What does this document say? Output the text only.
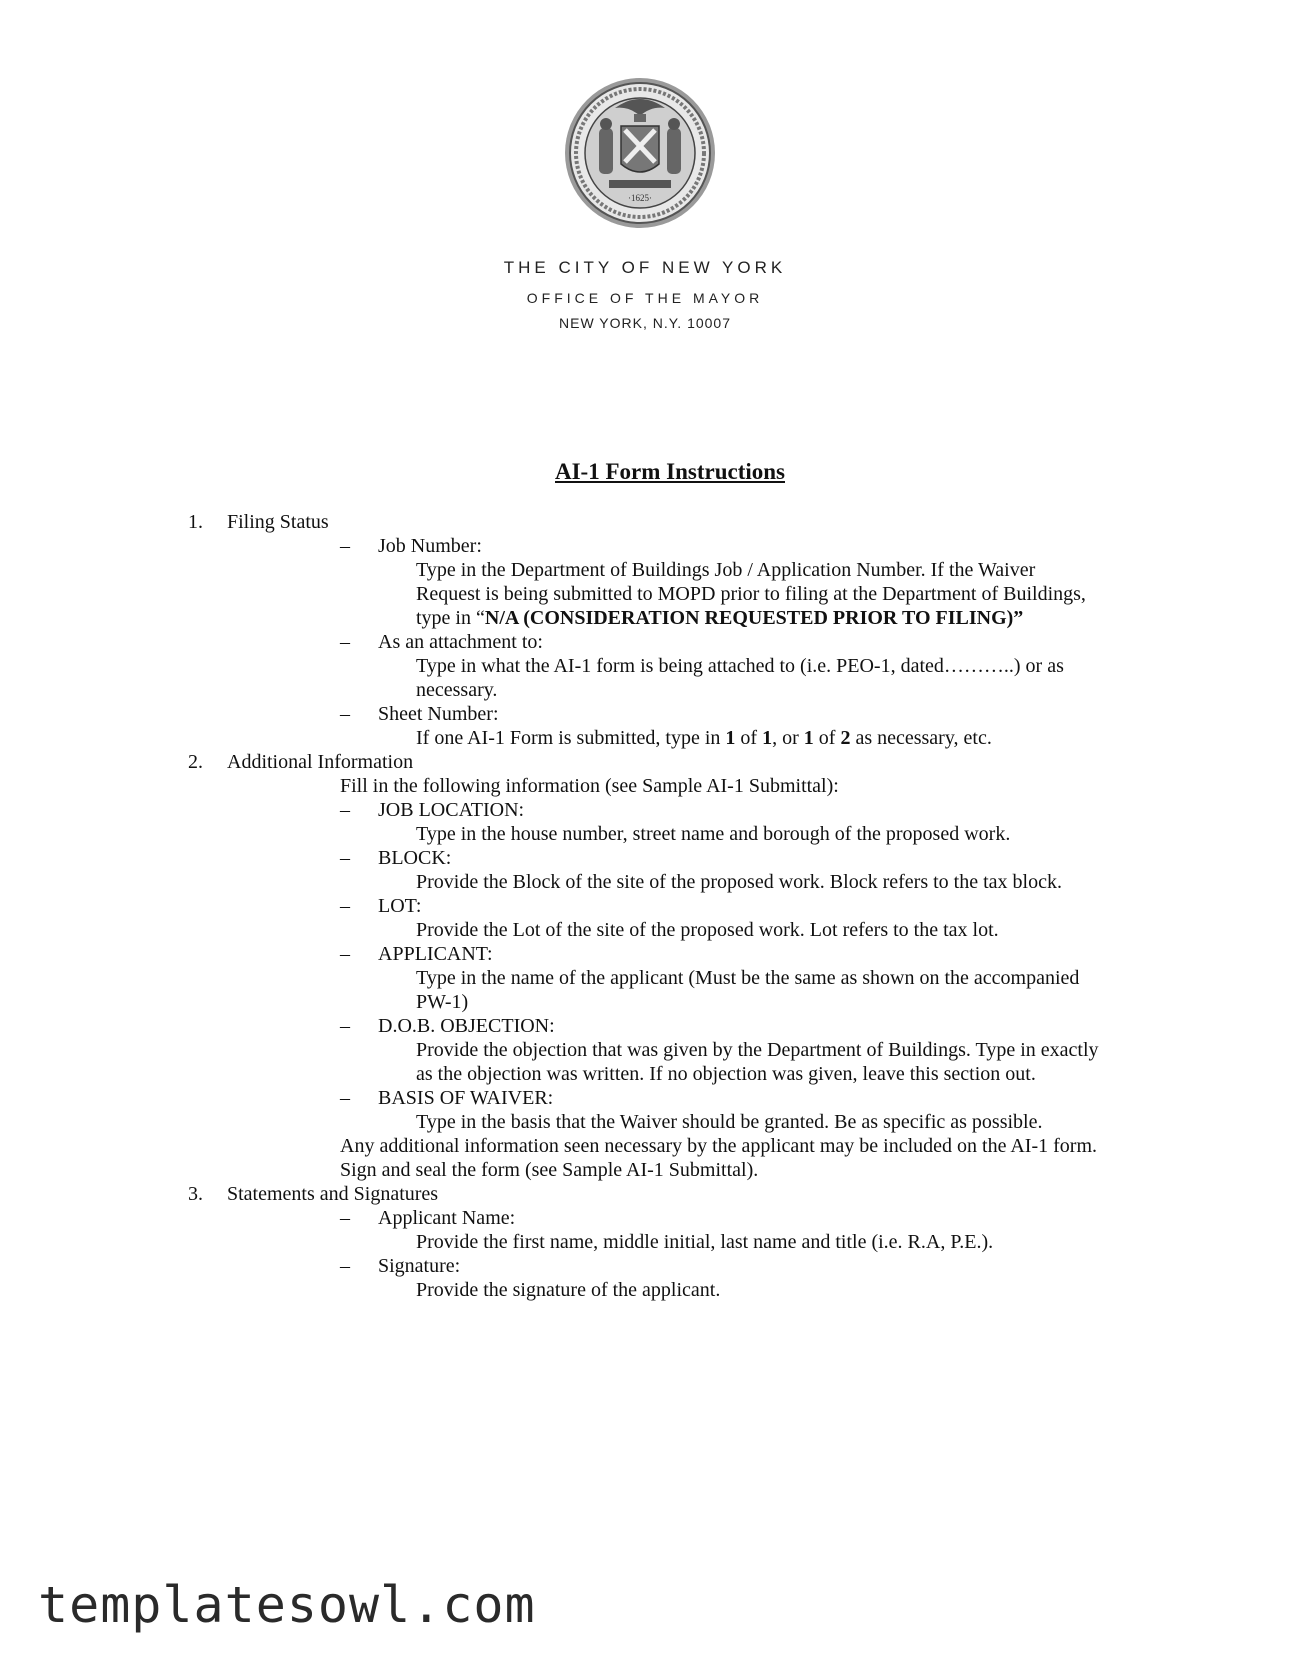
·1625·
THE CITY OF NEW YORK
OFFICE OF THE MAYOR
NEW YORK, N.Y. 10007
AI-1 Form Instructions
1. Filing Status
– Job Number:
Type in the Department of Buildings Job / Application Number. If the Waiver
Request is being submitted to MOPD prior to filing at the Department of Buildings,
type in “N/A (CONSIDERATION REQUESTED PRIOR TO FILING)”
– As an attachment to:
Type in what the AI-1 form is being attached to (i.e. PEO-1, dated………..) or as
necessary.
– Sheet Number:
If one AI-1 Form is submitted, type in 1 of 1, or 1 of 2 as necessary, etc.
2. Additional Information
Fill in the following information (see Sample AI-1 Submittal):
– JOB LOCATION:
Type in the house number, street name and borough of the proposed work.
– BLOCK:
Provide the Block of the site of the proposed work. Block refers to the tax block.
– LOT:
Provide the Lot of the site of the proposed work. Lot refers to the tax lot.
– APPLICANT:
Type in the name of the applicant (Must be the same as shown on the accompanied
PW-1)
– D.O.B. OBJECTION:
Provide the objection that was given by the Department of Buildings. Type in exactly
as the objection was written. If no objection was given, leave this section out.
– BASIS OF WAIVER:
Type in the basis that the Waiver should be granted. Be as specific as possible.
Any additional information seen necessary by the applicant may be included on the AI-1 form.
Sign and seal the form (see Sample AI-1 Submittal).
3. Statements and Signatures
– Applicant Name:
Provide the first name, middle initial, last name and title (i.e. R.A, P.E.).
– Signature:
Provide the signature of the applicant.
templatesowl.com
